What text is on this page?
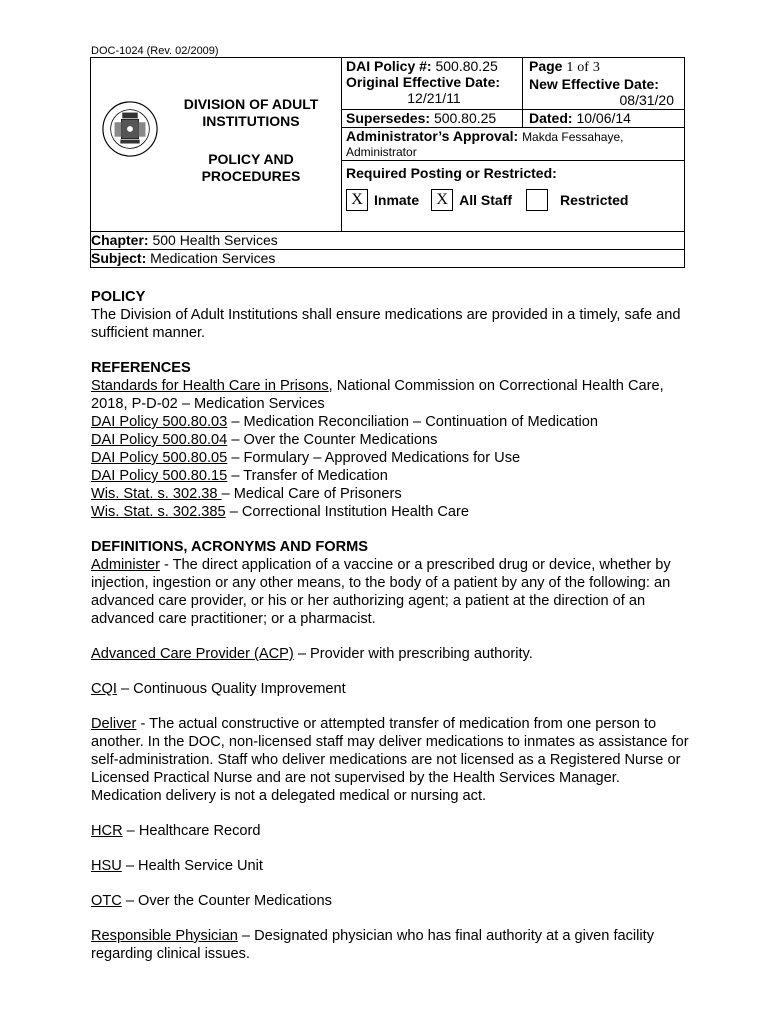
DOC-1024 (Rev. 02/2009)
DIVISION OF ADULT INSTITUTIONS
POLICY AND PROCEDURES

DAI Policy #: 500.80.25
Original Effective Date:
12/21/11
Page 1 of 3
New Effective Date:
08/31/20
Supersedes: 500.80.25	Dated: 10/06/14
Administrator’s Approval: Makda Fessahaye,
Administrator
Required Posting or Restricted:
X Inmate	X All Staff	Restricted

Chapter: 500 Health Services
Subject: Medication Services

POLICY

The Division of Adult Institutions shall ensure medications are provided in a timely, safe and sufficient manner.

REFERENCES

Standards for Health Care in Prisons, National Commission on Correctional Health Care, 2018, P-D-02 – Medication Services

DAI Policy 500.80.03 – Medication Reconciliation – Continuation of Medication

DAI Policy 500.80.04 – Over the Counter Medications

DAI Policy 500.80.05 – Formulary – Approved Medications for Use

DAI Policy 500.80.15 – Transfer of Medication

Wis. Stat. s. 302.38 – Medical Care of Prisoners

Wis. Stat. s. 302.385 – Correctional Institution Health Care

DEFINITIONS, ACRONYMS AND FORMS

Administer - The direct application of a vaccine or a prescribed drug or device, whether by injection, ingestion or any other means, to the body of a patient by any of the following: an advanced care provider, or his or her authorizing agent; a patient at the direction of an advanced care practitioner; or a pharmacist.

Advanced Care Provider (ACP) – Provider with prescribing authority.

CQI – Continuous Quality Improvement

Deliver - The actual constructive or attempted transfer of medication from one person to another. In the DOC, non-licensed staff may deliver medications to inmates as assistance for self-administration. Staff who deliver medications are not licensed as a Registered Nurse or Licensed Practical Nurse and are not supervised by the Health Services Manager. Medication delivery is not a delegated medical or nursing act.

HCR – Healthcare Record

HSU – Health Service Unit

OTC – Over the Counter Medications

Responsible Physician – Designated physician who has final authority at a given facility regarding clinical issues.
